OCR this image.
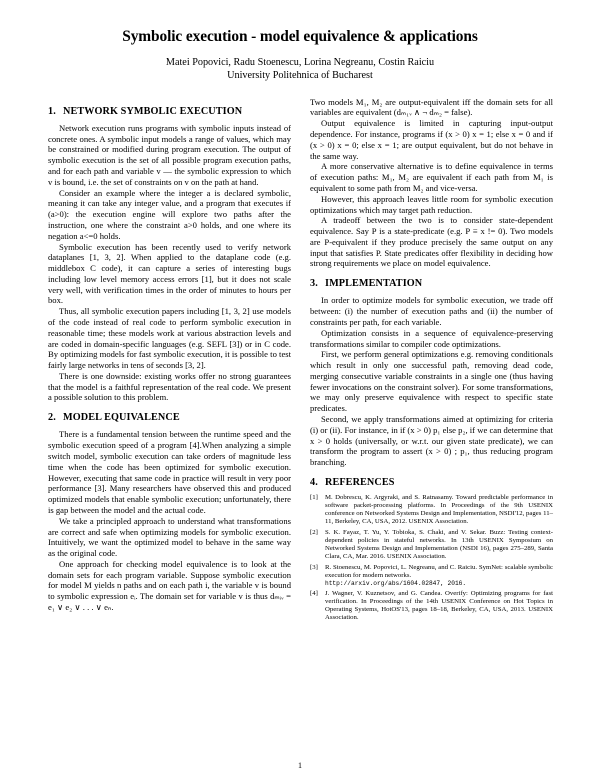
Symbolic execution - model equivalence & applications
Matei Popovici, Radu Stoenescu, Lorina Negreanu, Costin Raiciu
University Politehnica of Bucharest
1. NETWORK SYMBOLIC EXECUTION

Network execution runs programs with symbolic inputs instead of concrete ones. A symbolic input models a range of values, which may be constrained or modified during program execution. The output of symbolic execution is the set of all possible program execution paths, and for each path and variable v — the symbolic expression to which v is bound, i.e. the set of constraints on v on the path at hand.

Consider an example where the integer a is declared symbolic, meaning it can take any integer value, and a program that executes if (a>0): the execution engine will explore two paths after the instruction, one where the constraint a>0 holds, and one where its negation a<=0 holds.

Symbolic execution has been recently used to verify network dataplanes [1, 3, 2]. When applied to the dataplane code (e.g. middlebox C code), it can capture a series of interesting bugs including low level memory access errors [1], but it does not scale very well, with verification times in the order of minutes to hours per box.

Thus, all symbolic execution papers including [1, 3, 2] use models of the code instead of real code to perform symbolic execution in reasonable time; these models work at various abstraction levels and are coded in domain-specific languages (e.g. SEFL [3]) or in C code. By optimizing models for fast symbolic execution, it is possible to test fairly large networks in tens of seconds [3, 2].

There is one downside: existing works offer no strong guarantees that the model is a faithful representation of the real code. We present a possible solution to this problem.

2. MODEL EQUIVALENCE

There is a fundamental tension between the runtime speed and the symbolic execution speed of a program [4].When analyzing a simple switch model, symbolic execution can take orders of magnitude less time when the code has been optimized for symbolic execution. However, executing that same code in practice will result in very poor performance [3]. Many researchers have observed this and produced optimized models that enable symbolic execution; unfortunately, there is gap between the model and the actual code.

We take a principled approach to understand what transformations are correct and safe when optimizing models for symbolic execution. Intuitively, we want the optimized model to behave in the same way as the original code.

One approach for checking model equivalence is to look at the domain sets for each program variable. Suppose symbolic execution for model M yields n paths and on each path i, the variable v is bound to symbolic expression eᵢ. The domain set for variable v is thus dₘᵢᵥ = e₁ ∨ e₂ ∨ . . . ∨ eₙ.

Two models M₁, M₂ are output-equivalent iff the domain sets for all variables are equivalent (dₘ₁ᵥ ∧ ¬ dₘ₂ = false).

Output equivalence is limited in capturing input-output dependence. For instance, programs if (x > 0) x = 1; else x = 0 and if (x > 0) x = 0; else x = 1; are output equivalent, but do not behave in the same way.

A more conservative alternative is to define equivalence in terms of execution paths: M₁, M₂ are equivalent if each path from M₁ is equivalent to some path from M₂ and vice-versa.

However, this approach leaves little room for symbolic execution optimizations which may target path reduction.

A tradeoff between the two is to consider state-dependent equivalence. Say P is a state-predicate (e.g. P ≡ x != 0). Two models are P-equivalent if they produce precisely the same output on any input that satisfies P. State predicates offer flexibility in deciding how strong requirements we place on model equivalence.

3. IMPLEMENTATION

In order to optimize models for symbolic execution, we trade off between: (i) the number of execution paths and (ii) the number of constraints per path, for each variable.

Optimization consists in a sequence of equivalence-preserving transformations similar to compiler code optimizations.

First, we perform general optimizations e.g. removing conditionals which result in only one successful path, removing dead code, merging consecutive variable constraints in a single one (thus having fewer invocations on the constraint solver). For some transformations, we may only preserve equivalence with respect to specific state predicates.

Second, we apply transformations aimed at optimizing for criteria (i) or (ii). For instance, in if (x > 0) p₁ else p₂, if we can determine that x > 0 holds (universally, or w.r.t. our given state predicate), we can transform the program to assert (x > 0) ; p₁, thus reducing program branching.

4. REFERENCES
[1]	M. Dobrescu, K. Argyraki, and S. Ratnasamy. Toward predictable performance in software packet-processing platforms. In Proceedings of the 9th USENIX conference on Networked Systems Design and Implementation, NSDI'12, pages 11–11, Berkeley, CA, USA, 2012. USENIX Association.
[2]	S. K. Fayaz, T. Yu, Y. Tobioka, S. Chaki, and V. Sekar. Buzz: Testing context-dependent policies in stateful networks. In 13th USENIX Symposium on Networked Systems Design and Implementation (NSDI 16), pages 275–289, Santa Clara, CA, Mar. 2016. USENIX Association.
[3]	R. Stoenescu, M. Popovici, L. Negreanu, and C. Raiciu. SymNet: scalable symbolic execution for modern networks.
http://arxiv.org/abs/1604.02847, 2016.
[4]	J. Wagner, V. Kuznetsov, and G. Candea. Overify: Optimizing programs for fast verification. In Proceedings of the 14th USENIX Conference on Hot Topics in Operating Systems, HotOS'13, pages 18–18, Berkeley, CA, USA, 2013. USENIX Association.
1
